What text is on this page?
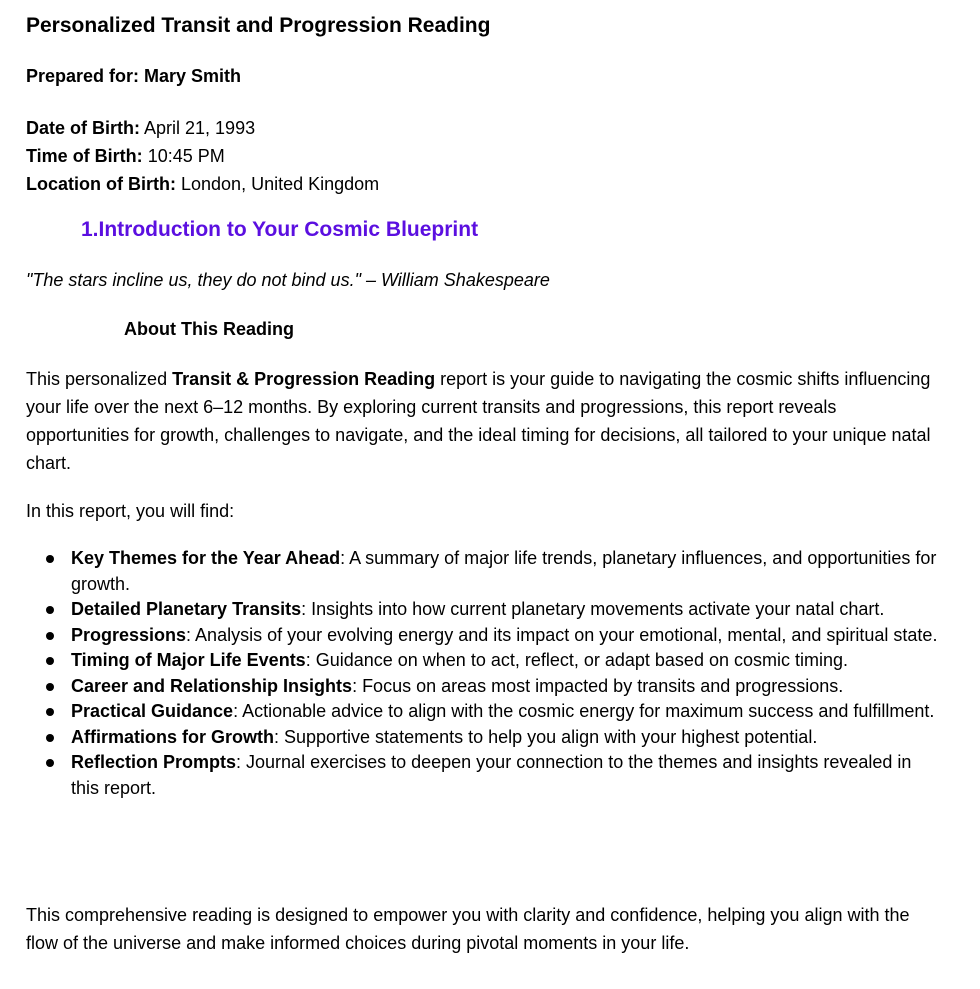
Personalized Transit and Progression Reading

Prepared for: Mary Smith

Date of Birth: April 21, 1993
Time of Birth: 10:45 PM
Location of Birth: London, United Kingdom
1.Introduction to Your Cosmic Blueprint

"The stars incline us, they do not bind us." – William Shakespeare

About This Reading

This personalized Transit & Progression Reading report is your guide to navigating the cosmic shifts influencing your life over the next 6–12 months. By exploring current transits and progressions, this report reveals opportunities for growth, challenges to navigate, and the ideal timing for decisions, all tailored to your unique natal chart.

In this report, you will find:

Key Themes for the Year Ahead: A summary of major life trends, planetary influences, and opportunities for growth.
Detailed Planetary Transits: Insights into how current planetary movements activate your natal chart.
Progressions: Analysis of your evolving energy and its impact on your emotional, mental, and spiritual state.
Timing of Major Life Events: Guidance on when to act, reflect, or adapt based on cosmic timing.
Career and Relationship Insights: Focus on areas most impacted by transits and progressions.
Practical Guidance: Actionable advice to align with the cosmic energy for maximum success and fulfillment.
Affirmations for Growth: Supportive statements to help you align with your highest potential.
Reflection Prompts: Journal exercises to deepen your connection to the themes and insights revealed in this report.

This comprehensive reading is designed to empower you with clarity and confidence, helping you align with the flow of the universe and make informed choices during pivotal moments in your life.
